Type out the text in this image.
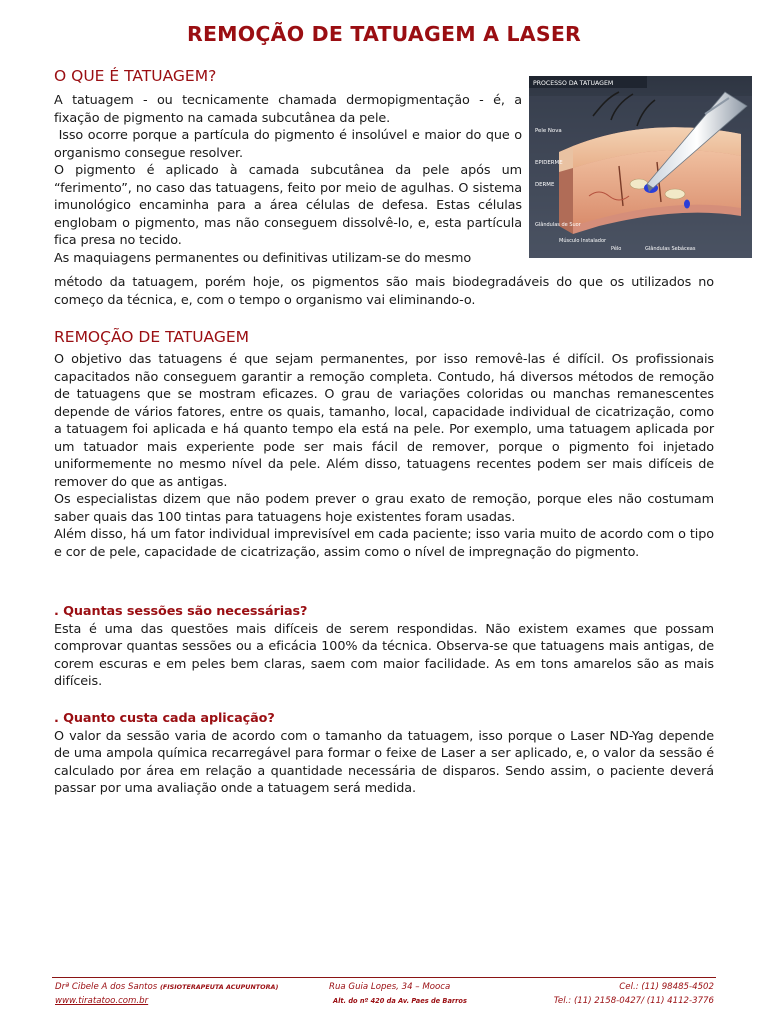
REMOÇÃO DE TATUAGEM A LASER
O QUE É TATUAGEM?

A tatuagem - ou tecnicamente chamada dermopigmentação - é, a fixação de pigmento na camada subcutânea da pele.

Isso ocorre porque a partícula do pigmento é insolúvel e maior do que o organismo consegue resolver.

O pigmento é aplicado à camada subcutânea da pele após um “ferimento”, no caso das tatuagens, feito por meio de agulhas. O sistema imunológico encaminha para a área células de defesa. Estas células englobam o pigmento, mas não conseguem dissolvê-lo, e, esta partícula fica presa no tecido.

As maquiagens permanentes ou definitivas utilizam-se do mesmo

método da tatuagem, porém hoje, os pigmentos são mais biodegradáveis do que os utilizados no começo da técnica, e, com o tempo o organismo vai eliminando-o.

PROCESSO DA TATUAGEM
Pele Nova
EPIDERME
DERME
Glândulas de Suor
Músculo Instalador
Pêlo	Glândulas Sebáceas
REMOÇÃO DE TATUAGEM

O objetivo das tatuagens é que sejam permanentes, por isso removê-las é difícil. Os profissionais capacitados não conseguem garantir a remoção completa. Contudo, há diversos métodos de remoção de tatuagens que se mostram eficazes. O grau de variações coloridas ou manchas remanescentes depende de vários fatores, entre os quais, tamanho, local, capacidade individual de cicatrização, como a tatuagem foi aplicada e há quanto tempo ela está na pele. Por exemplo, uma tatuagem aplicada por um tatuador mais experiente pode ser mais fácil de remover, porque o pigmento foi injetado uniformemente no mesmo nível da pele. Além disso, tatuagens recentes podem ser mais difíceis de remover do que as antigas.

Os especialistas dizem que não podem prever o grau exato de remoção, porque eles não costumam saber quais das 100 tintas para tatuagens hoje existentes foram usadas.

Além disso, há um fator individual imprevisível em cada paciente; isso varia muito de acordo com o tipo e cor de pele, capacidade de cicatrização, assim como o nível de impregnação do pigmento.

. Quantas sessões são necessárias?

Esta é uma das questões mais difíceis de serem respondidas. Não existem exames que possam comprovar quantas sessões ou a eficácia 100% da técnica. Observa-se que tatuagens mais antigas, de corem escuras e em peles bem claras, saem com maior facilidade. As em tons amarelos são as mais difíceis.

. Quanto custa cada aplicação?

O valor da sessão varia de acordo com o tamanho da tatuagem, isso porque o Laser ND-Yag depende de uma ampola química recarregável para formar o feixe de Laser a ser aplicado, e, o valor da sessão é calculado por área em relação a quantidade necessária de disparos. Sendo assim, o paciente deverá passar por uma avaliação onde a tatuagem será medida.

Drª Cibele A dos Santos (FISIOTERAPEUTA ACUPUNTORA)
www.tiratatoo.com.br
Rua Guia Lopes, 34 – Mooca
Alt. do nº 420 da Av. Paes de Barros
Cel.: (11) 98485-4502
Tel.: (11) 2158-0427/ (11) 4112-3776
